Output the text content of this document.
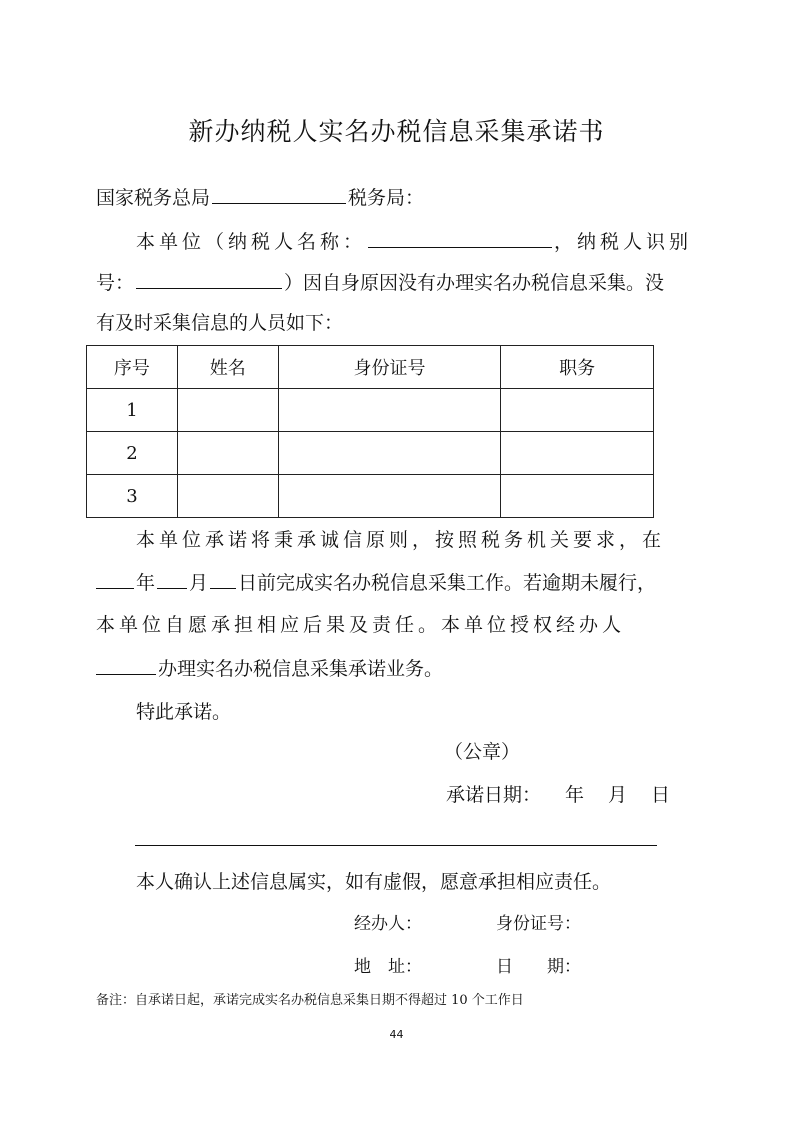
新办纳税人实名办税信息采集承诺书
国家税务总局	税务局：
本单位（纳税人名称：	，纳税人识别
号：	）因自身原因没有办理实名办税信息采集。没
有及时采集信息的人员如下：
序号	姓名	身份证号	职务
1			
2			
3			
本单位承诺将秉承诚信原则，按照税务机关要求，在
年 月 日前完成实名办税信息采集工作。若逾期未履行，
本单位自愿承担相应后果及责任。本单位授权经办人
办理实名办税信息采集承诺业务。
特此承诺。
（公章）
承诺日期： 年 月 日
本人确认上述信息属实，如有虚假，愿意承担相应责任。
经办人：	身份证号：
地　址：	日　　期：
备注：自承诺日起，承诺完成实名办税信息采集日期不得超过 10 个工作日
44
